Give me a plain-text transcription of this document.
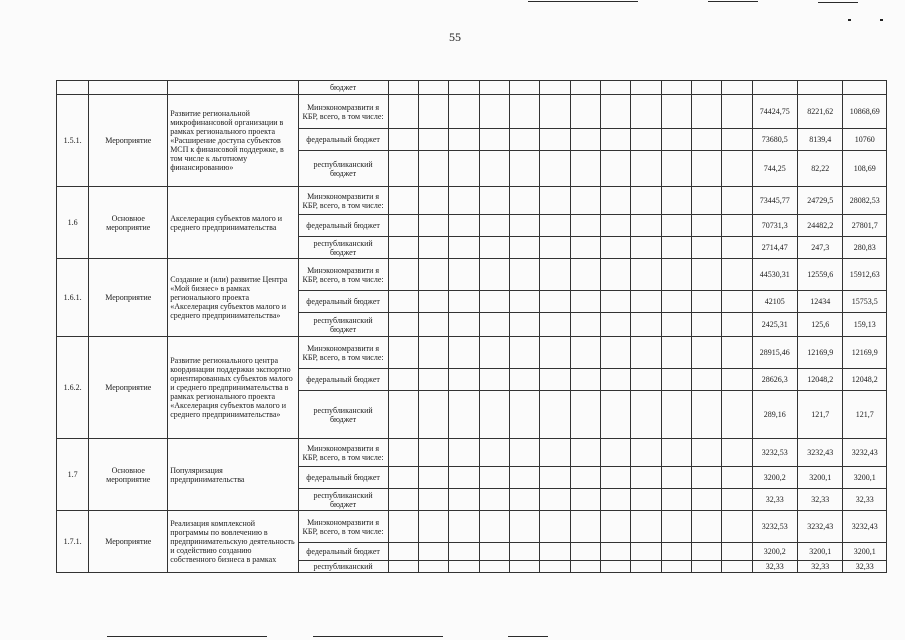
55
			бюджет															
1.5.1.	Мероприятие	Развитие региональной микрофинансовой организации в рамках регионального проекта «Расширение доступа субъектов МСП к финансовой поддержке, в том числе к льготному финансированию»	Минэкономразвити я КБР, всего, в том числе:													74424,75	8221,62	10868,69
			федеральный бюджет													73680,5	8139,4	10760
			республиканский бюджет													744,25	82,22	108,69
1.6	Основное мероприятие	Акселерация субъектов малого и среднего предпринимательства	Минэкономразвити я КБР, всего, в том числе:													73445,77	24729,5	28082,53
			федеральный бюджет													70731,3	24482,2	27801,7
			республиканский бюджет													2714,47	247,3	280,83
1.6.1.	Мероприятие	Создание и (или) развитие Центра «Мой бизнес» в рамках регионального проекта «Акселерация субъектов малого и среднего предпринимательства»	Минэкономразвити я КБР, всего, в том числе:													44530,31	12559,6	15912,63
			федеральный бюджет													42105	12434	15753,5
			республиканский бюджет													2425,31	125,6	159,13
1.6.2.	Мероприятие	Развитие регионального центра координации поддержки экспортно ориентированных субъектов малого и среднего предпринимательства в рамках регионального проекта «Акселерация субъектов малого и среднего предпринимательства»	Минэкономразвити я КБР, всего, в том числе:													28915,46	12169,9	12169,9
			федеральный бюджет													28626,3	12048,2	12048,2
			республиканский бюджет													289,16	121,7	121,7
1.7	Основное мероприятие	Популяризация предпринимательства	Минэкономразвити я КБР, всего, в том числе:													3232,53	3232,43	3232,43
			федеральный бюджет													3200,2	3200,1	3200,1
			республиканский бюджет													32,33	32,33	32,33
1.7.1.	Мероприятие	Реализация комплексной программы по вовлечению в предпринимательскую деятельность и содействию созданию собственного бизнеса в рамках	Минэкономразвити я КБР, всего, в том числе:													3232,53	3232,43	3232,43
			федеральный бюджет													3200,2	3200,1	3200,1
			республиканский													32,33	32,33	32,33
